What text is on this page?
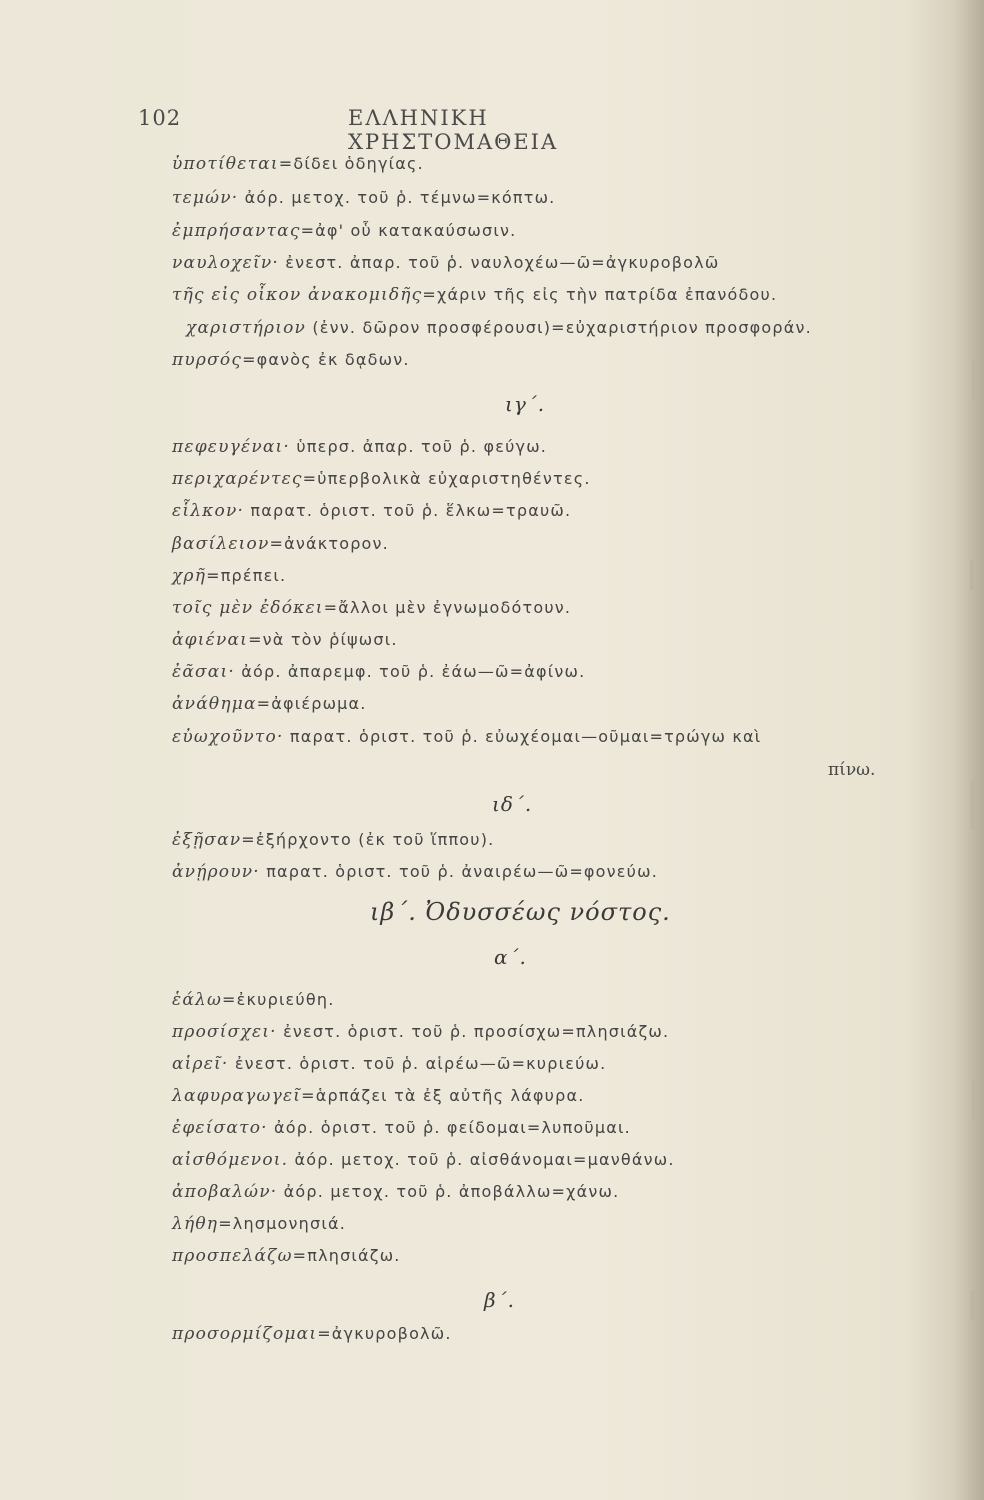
102	ΕΛΛΗΝΙΚΗ ΧΡΗΣΤΟΜΑΘΕΙΑ
ὑποτίθεται=δίδει ὁδηγίας.
τεμών· ἀόρ. μετοχ. τοῦ ῥ. τέμνω=κόπτω.
ἐμπρήσαντας=ἀφ' οὗ κατακαύσωσιν.
ναυλοχεῖν· ἐνεστ. ἀπαρ. τοῦ ῥ. ναυλοχέω—ῶ=ἀγκυροβολῶ
τῆς εἰς οἶκον ἀνακομιδῆς=χάριν τῆς εἰς τὴν πατρίδα ἐπανόδου.
χαριστήριον (ἐνν. δῶρον προσφέρουσι)=εὐχαριστήριον προσφοράν.
πυρσός=φανὸς ἐκ δᾳδων.
ιγ΄.
πεφευγέναι· ὑπερσ. ἀπαρ. τοῦ ῥ. φεύγω.
περιχαρέντες=ὑπερβολικὰ εὐχαριστηθέντες.
εἷλκον· παρατ. ὁριστ. τοῦ ῥ. ἕλκω=τραυῶ.
βασίλειον=ἀνάκτορον.
χρῆ=πρέπει.
τοῖς μὲν ἐδόκει=ἄλλοι μὲν ἐγνωμοδότουν.
ἀφιέναι=νὰ τὸν ῥίψωσι.
ἐᾶσαι· ἀόρ. ἀπαρεμφ. τοῦ ῥ. ἐάω—ῶ=ἀφίνω.
ἀνάθημα=ἀφιέρωμα.
εὐωχοῦντο· παρατ. ὁριστ. τοῦ ῥ. εὐωχέομαι—οῦμαι=τρώγω καὶ
πίνω.
ιδ΄.
ἐξῇσαν=ἐξήρχοντο (ἐκ τοῦ ἵππου).
ἀνῄρουν· παρατ. ὁριστ. τοῦ ῥ. ἀναιρέω—ῶ=φονεύω.
ιβ΄. Ὀδυσσέως νόστος.
α΄.
ἑάλω=ἐκυριεύθη.
προσίσχει· ἐνεστ. ὁριστ. τοῦ ῥ. προσίσχω=πλησιάζω.
αἱρεῖ· ἐνεστ. ὁριστ. τοῦ ῥ. αἱρέω—ῶ=κυριεύω.
λαφυραγωγεῖ=ἁρπάζει τὰ ἐξ αὐτῆς λάφυρα.
ἐφείσατο· ἀόρ. ὁριστ. τοῦ ῥ. φείδομαι=λυποῦμαι.
αἰσθόμενοι. ἀόρ. μετοχ. τοῦ ῥ. αἰσθάνομαι=μανθάνω.
ἀποβαλών· ἀόρ. μετοχ. τοῦ ῥ. ἀποβάλλω=χάνω.
λήθη=λησμονησιά.
προσπελάζω=πλησιάζω.
β΄.
προσορμίζομαι=ἀγκυροβολῶ.
